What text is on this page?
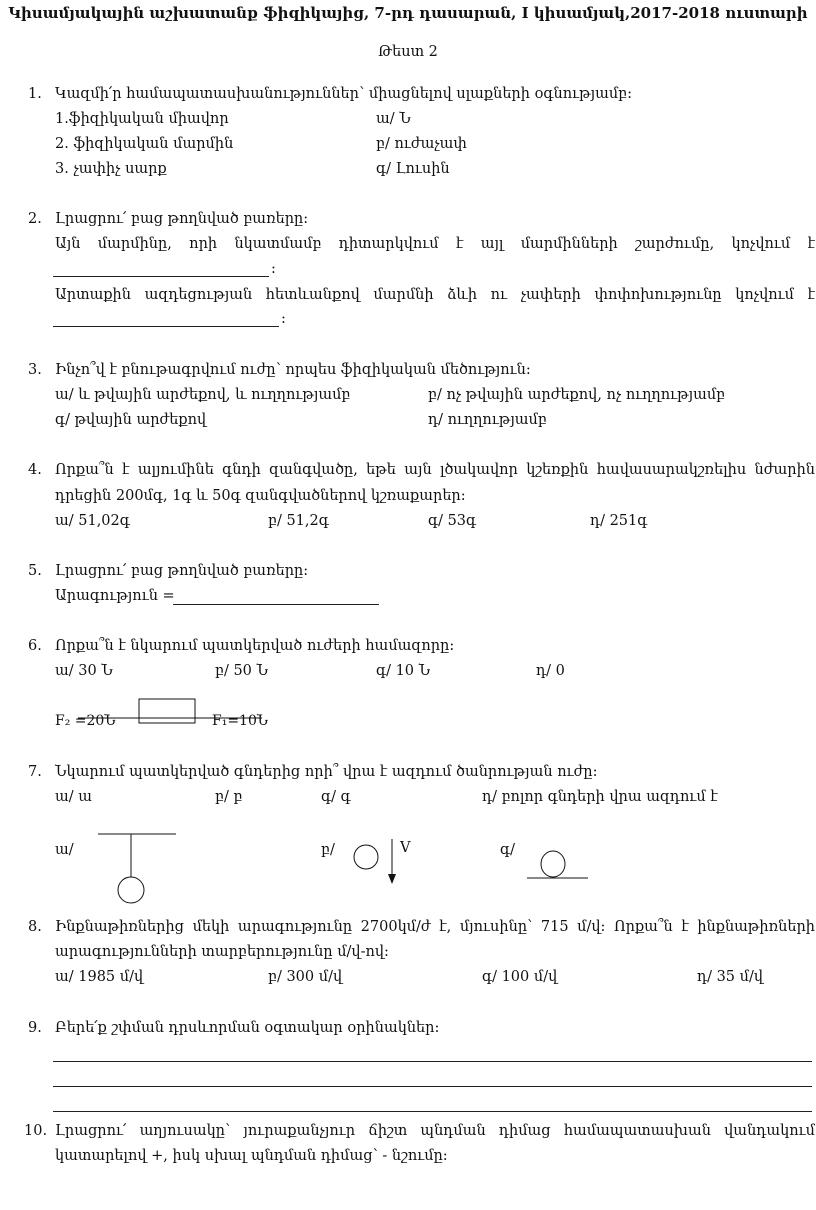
Կիսամյակային աշխատանք ֆիզիկայից, 7-րդ դասարան, I կիսամյակ,2017-2018 ուստարի
Թեստ 2
1. Կազմի՛ր համապատասխանություններ՝ միացնելով սլաքների օգնությամբ:
1.ֆիզիկական միավոր	ա/ Ն
2. ֆիզիկական մարմին	բ/ ուժաչափ
3. չափիչ սարք	գ/ Լուսին
2. Լրացրու՛ բաց թողնված բառերը:
Այն մարմինը, որի նկատմամբ դիտարկվում է այլ մարմինների շարժումը, կոչվում է
:
Արտաքին ազդեցության հետևանքով մարմնի ձևի ու չափերի փոփոխությունը կոչվում է
:
3. Ինչո՞վ է բնութագրվում ուժը՝ որպես ֆիզիկական մեծություն:
ա/ և թվային արժեքով, և ուղղությամբ	բ/ ոչ թվային արժեքով, ոչ ուղղությամբ
գ/ թվային արժեքով	դ/ ուղղությամբ
4. Որքա՞ն է ալյումինե գնդի զանգվածը, եթե այն լծակավոր կշեռքին հավասարակշռելիս նժարին
դրեցին 200մգ, 1գ և 50գ զանգվածներով կշռաքարեր:
ա/ 51,02գ	բ/ 51,2գ	գ/ 53գ	դ/ 251գ
5. Լրացրու՛ բաց թողնված բառերը:
Արագություն =
6. Որքա՞ն է նկարում պատկերված ուժերի համազորը:
ա/ 30 Ն	բ/ 50 Ն	գ/ 10 Ն	դ/ 0
F₂ =20Ն	F₁=10Ն
7. Նկարում պատկերված գնդերից որի՞ վրա է ազդում ծանրության ուժը:
ա/ ա	բ/ բ	գ/ գ	դ/ բոլոր գնդերի վրա ազդում է
ա/	բ/	V	գ/
8. Ինքնաթիռներից մեկի արագությունը 2700կմ/ժ է, մյուսինը՝ 715 մ/վ: Որքա՞ն է ինքնաթիռների
արագությունների տարբերությունը մ/վ-ով:
ա/ 1985 մ/վ	բ/ 300 մ/վ	գ/ 100 մ/վ	դ/ 35 մ/վ
9. Բերե՛ք շփման դրսևորման օգտակար օրինակներ:
10. Լրացրու՛ աղյուսակը՝ յուրաքանչյուր ճիշտ պնդման դիմաց համապատասխան վանդակում
կատարելով +, իսկ սխալ պնդման դիմաց՝ - նշումը:
